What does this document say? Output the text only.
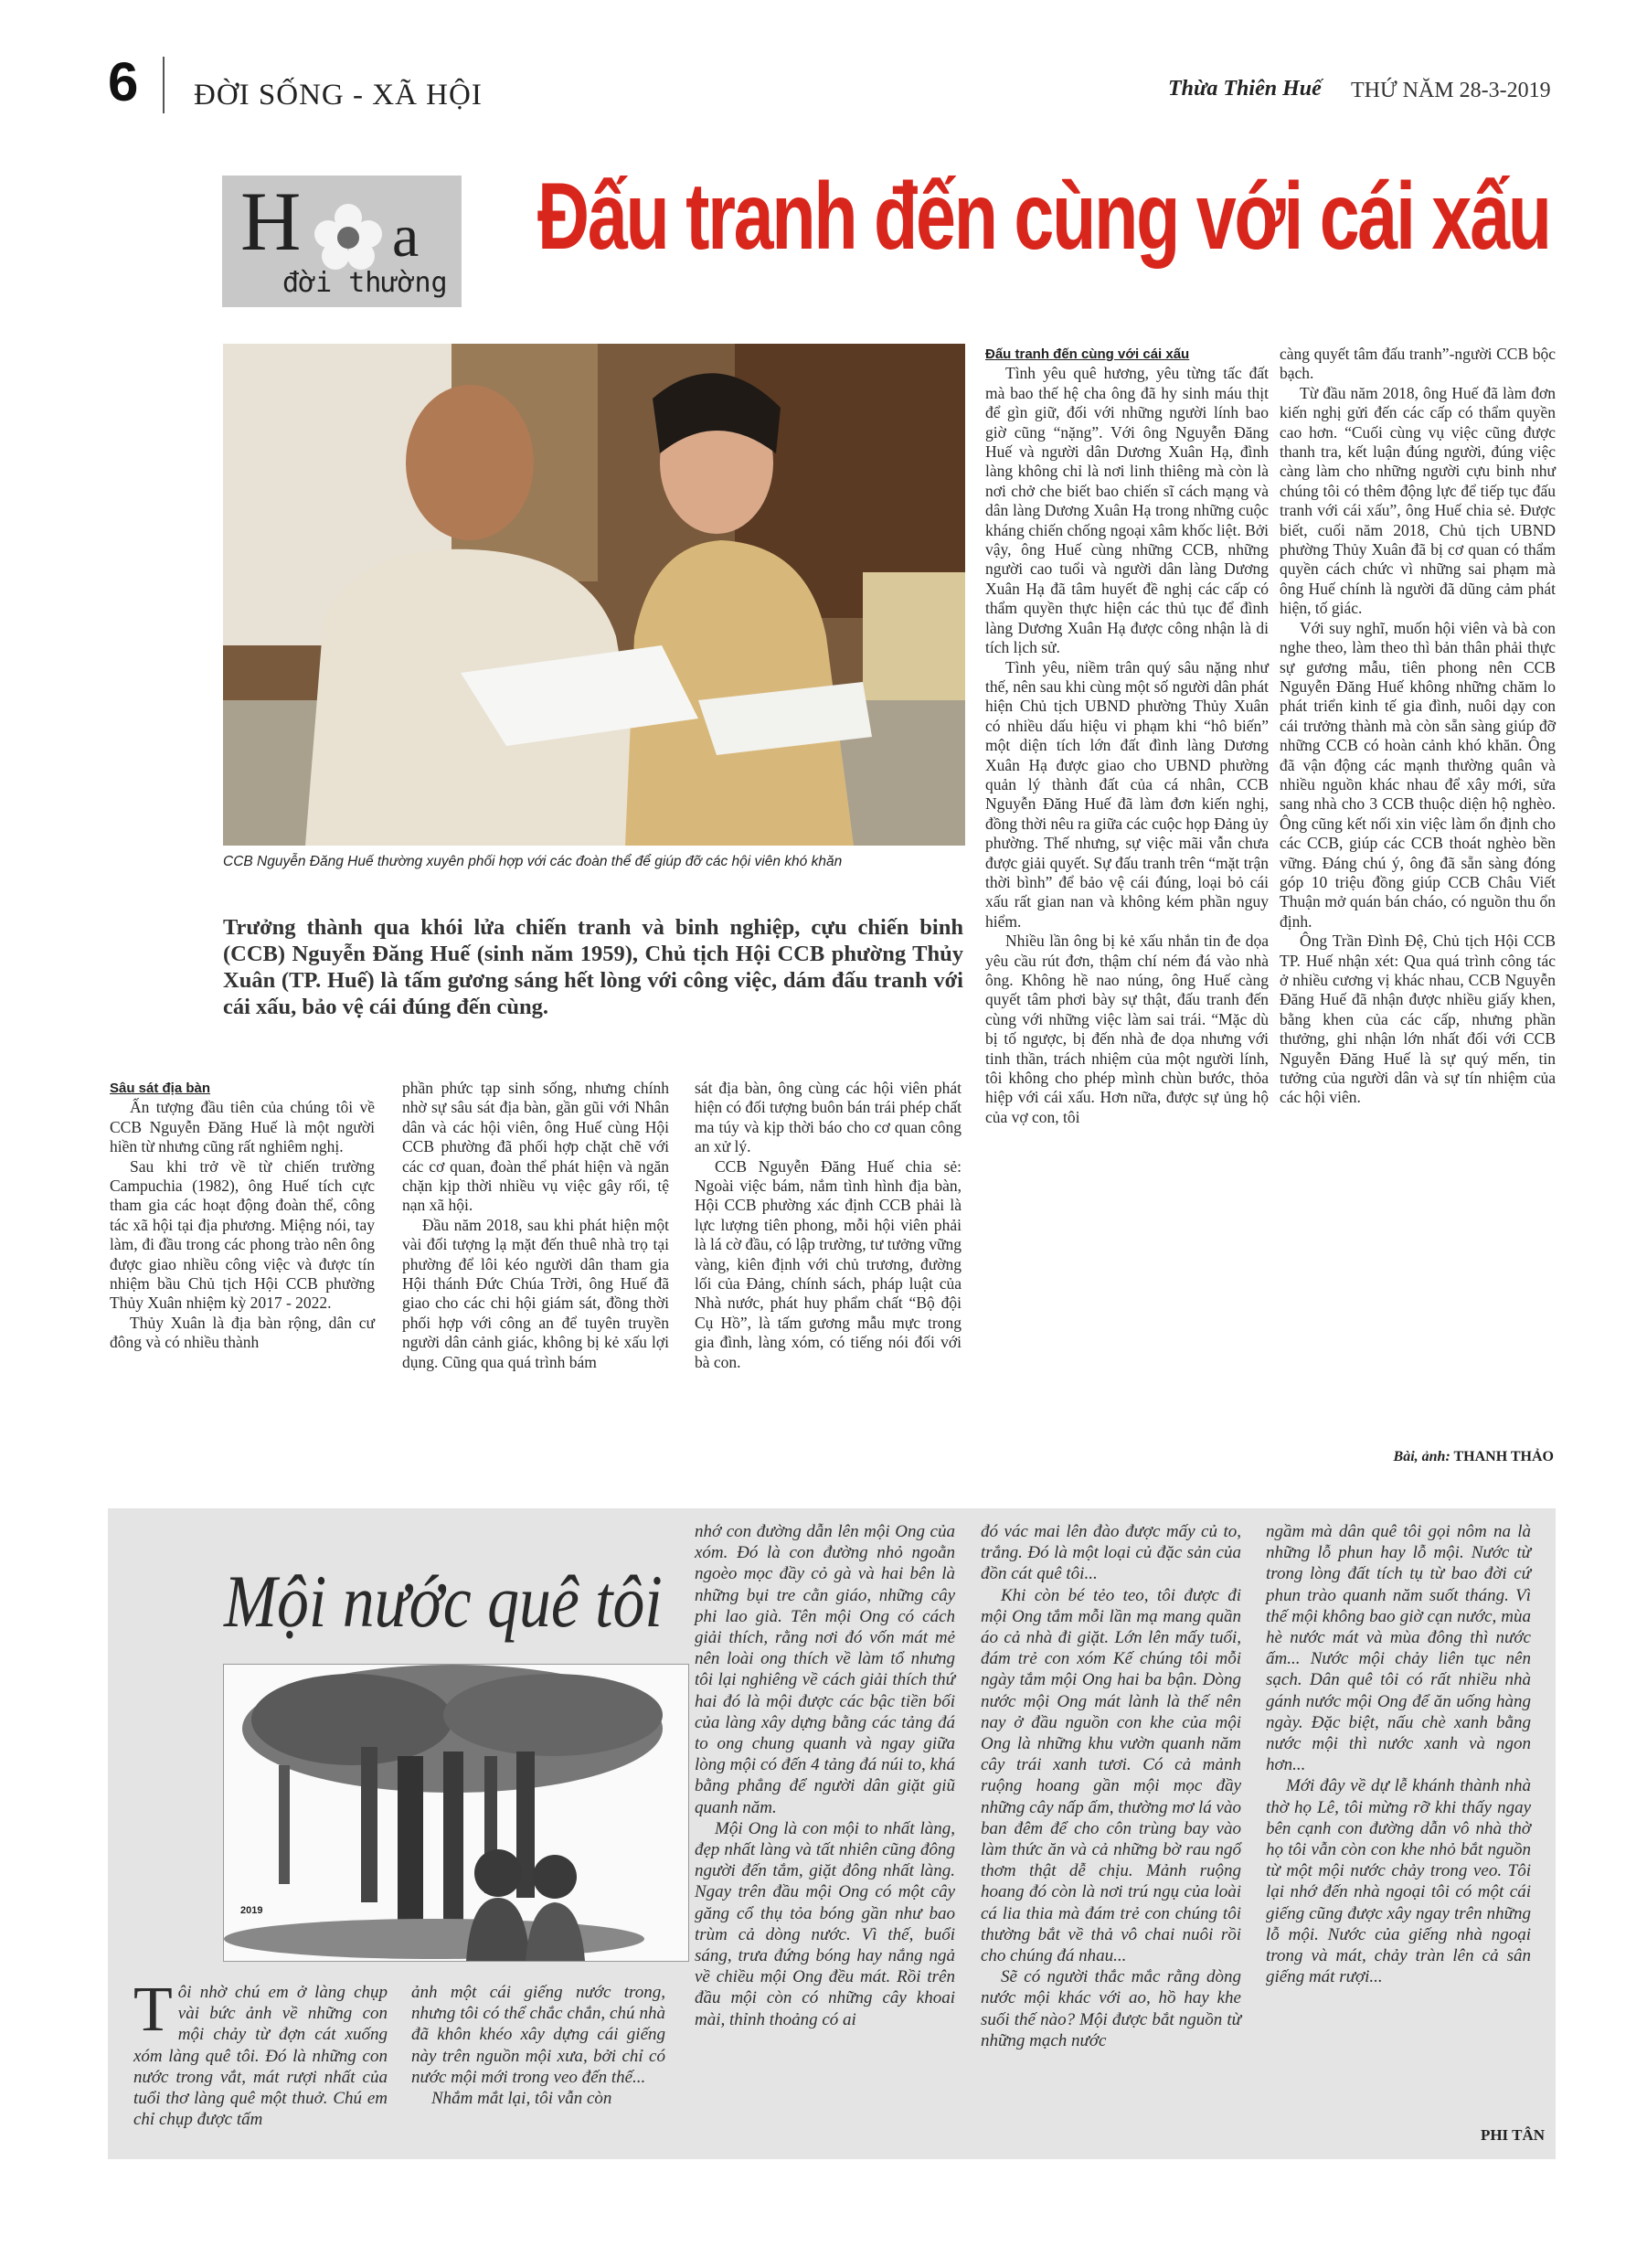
6 ĐỜI SỐNG - XÃ HỘI	Thừa Thiên Huế THỨ NĂM 28-3-2019
H a
đời thường
Đấu tranh đến cùng với cái xấu
CCB Nguyễn Đăng Huế thường xuyên phối hợp với các đoàn thể để giúp đỡ các hội viên khó khăn
Trưởng thành qua khói lửa chiến tranh và binh nghiệp, cựu chiến binh (CCB) Nguyễn Đăng Huế (sinh năm 1959), Chủ tịch Hội CCB phường Thủy Xuân (TP. Huế) là tấm gương sáng hết lòng với công việc, dám đấu tranh với cái xấu, bảo vệ cái đúng đến cùng.
Sâu sát địa bàn

Ấn tượng đầu tiên của chúng tôi về CCB Nguyễn Đăng Huế là một người hiền từ nhưng cũng rất nghiêm nghị.

Sau khi trở về từ chiến trường Campuchia (1982), ông Huế tích cực tham gia các hoạt động đoàn thể, công tác xã hội tại địa phương. Miệng nói, tay làm, đi đầu trong các phong trào nên ông được giao nhiều công việc và được tín nhiệm bầu Chủ tịch Hội CCB phường Thủy Xuân nhiệm kỳ 2017 - 2022.

Thủy Xuân là địa bàn rộng, dân cư đông và có nhiều thành

phần phức tạp sinh sống, nhưng chính nhờ sự sâu sát địa bàn, gần gũi với Nhân dân và các hội viên, ông Huế cùng Hội CCB phường đã phối hợp chặt chẽ với các cơ quan, đoàn thể phát hiện và ngăn chặn kịp thời nhiều vụ việc gây rối, tệ nạn xã hội.

Đầu năm 2018, sau khi phát hiện một vài đối tượng lạ mặt đến thuê nhà trọ tại phường để lôi kéo người dân tham gia Hội thánh Đức Chúa Trời, ông Huế đã giao cho các chi hội giám sát, đồng thời phối hợp với công an để tuyên truyền người dân cảnh giác, không bị kẻ xấu lợi dụng. Cũng qua quá trình bám

sát địa bàn, ông cùng các hội viên phát hiện có đối tượng buôn bán trái phép chất ma túy và kịp thời báo cho cơ quan công an xử lý.

CCB Nguyễn Đăng Huế chia sẻ: Ngoài việc bám, nắm tình hình địa bàn, Hội CCB phường xác định CCB phải là lực lượng tiên phong, mỗi hội viên phải là lá cờ đầu, có lập trường, tư tưởng vững vàng, kiên định với chủ trương, đường lối của Đảng, chính sách, pháp luật của Nhà nước, phát huy phẩm chất “Bộ đội Cụ Hồ”, là tấm gương mẫu mực trong gia đình, làng xóm, có tiếng nói đối với bà con.

Đấu tranh đến cùng với cái xấu

Tình yêu quê hương, yêu từng tấc đất mà bao thế hệ cha ông đã hy sinh máu thịt để gìn giữ, đối với những người lính bao giờ cũng “nặng”. Với ông Nguyễn Đăng Huế và người dân Dương Xuân Hạ, đình làng không chỉ là nơi linh thiêng mà còn là nơi chở che biết bao chiến sĩ cách mạng và dân làng Dương Xuân Hạ trong những cuộc kháng chiến chống ngoại xâm khốc liệt. Bởi vậy, ông Huế cùng những CCB, những người cao tuổi và người dân làng Dương Xuân Hạ đã tâm huyết đề nghị các cấp có thẩm quyền thực hiện các thủ tục để đình làng Dương Xuân Hạ được công nhận là di tích lịch sử.

Tình yêu, niềm trân quý sâu nặng như thế, nên sau khi cùng một số người dân phát hiện Chủ tịch UBND phường Thủy Xuân có nhiều dấu hiệu vi phạm khi “hô biến” một diện tích lớn đất đình làng Dương Xuân Hạ được giao cho UBND phường quản lý thành đất của cá nhân, CCB Nguyễn Đăng Huế đã làm đơn kiến nghị, đồng thời nêu ra giữa các cuộc họp Đảng ủy phường. Thế nhưng, sự việc mãi vẫn chưa được giải quyết. Sự đấu tranh trên “mặt trận thời bình” để bảo vệ cái đúng, loại bỏ cái xấu rất gian nan và không kém phần nguy hiểm.

Nhiều lần ông bị kẻ xấu nhắn tin đe dọa yêu cầu rút đơn, thậm chí ném đá vào nhà ông. Không hề nao núng, ông Huế càng quyết tâm phơi bày sự thật, đấu tranh đến cùng với những việc làm sai trái. “Mặc dù bị tố ngược, bị đến nhà đe dọa nhưng với tinh thần, trách nhiệm của một người lính, tôi không cho phép mình chùn bước, thỏa hiệp với cái xấu. Hơn nữa, được sự ủng hộ của vợ con, tôi

càng quyết tâm đấu tranh”-người CCB bộc bạch.

Từ đầu năm 2018, ông Huế đã làm đơn kiến nghị gửi đến các cấp có thẩm quyền cao hơn. “Cuối cùng vụ việc cũng được thanh tra, kết luận đúng người, đúng việc càng làm cho những người cựu binh như chúng tôi có thêm động lực để tiếp tục đấu tranh với cái xấu”, ông Huế chia sẻ. Được biết, cuối năm 2018, Chủ tịch UBND phường Thủy Xuân đã bị cơ quan có thẩm quyền cách chức vì những sai phạm mà ông Huế chính là người đã dũng cảm phát hiện, tố giác.

Với suy nghĩ, muốn hội viên và bà con nghe theo, làm theo thì bản thân phải thực sự gương mẫu, tiên phong nên CCB Nguyễn Đăng Huế không những chăm lo phát triển kinh tế gia đình, nuôi dạy con cái trưởng thành mà còn sẵn sàng giúp đỡ những CCB có hoàn cảnh khó khăn. Ông đã vận động các mạnh thường quân và nhiều nguồn khác nhau để xây mới, sửa sang nhà cho 3 CCB thuộc diện hộ nghèo. Ông cũng kết nối xin việc làm ổn định cho các CCB, giúp các CCB thoát nghèo bền vững. Đáng chú ý, ông đã sẵn sàng đóng góp 10 triệu đồng giúp CCB Châu Viết Thuận mở quán bán cháo, có nguồn thu ổn định.

Ông Trần Đình Đệ, Chủ tịch Hội CCB TP. Huế nhận xét: Qua quá trình công tác ở nhiều cương vị khác nhau, CCB Nguyễn Đăng Huế đã nhận được nhiều giấy khen, bằng khen của các cấp, nhưng phần thưởng, ghi nhận lớn nhất đối với CCB Nguyễn Đăng Huế là sự quý mến, tin tưởng của người dân và sự tín nhiệm của các hội viên.

Bài, ảnh: THANH THẢO
Mội nước quê tôi
2019

Tôi nhờ chú em ở làng chụp vài bức ảnh về những con mội chảy từ đợn cát xuống xóm làng quê tôi. Đó là những con nước trong vắt, mát rượi nhất của tuổi thơ làng quê một thuở. Chú em chỉ chụp được tấm

ảnh một cái giếng nước trong, nhưng tôi có thể chắc chắn, chú nhà đã khôn khéo xây dựng cái giếng này trên nguồn mội xưa, bởi chỉ có nước mội mới trong veo đến thế...

Nhắm mắt lại, tôi vẫn còn

nhớ con đường dẫn lên mội Ong của xóm. Đó là con đường nhỏ ngoằn ngoèo mọc đầy cỏ gà và hai bên là những bụi tre cằn giáo, những cây phi lao già. Tên mội Ong có cách giải thích, rằng nơi đó vốn mát mẻ nên loài ong thích về làm tổ nhưng tôi lại nghiêng về cách giải thích thứ hai đó là mội được các bậc tiền bối của làng xây dựng bằng các tảng đá to ong chung quanh và ngay giữa lòng mội có đến 4 tảng đá núi to, khá bằng phẳng để người dân giặt giũ quanh năm.

Mội Ong là con mội to nhất làng, đẹp nhất làng và tất nhiên cũng đông người đến tắm, giặt đông nhất làng. Ngay trên đầu mội Ong có một cây găng cổ thụ tỏa bóng gần như bao trùm cả dòng nước. Vì thế, buổi sáng, trưa đứng bóng hay nắng ngả về chiều mội Ong đều mát. Rồi trên đầu mội còn có những cây khoai mài, thỉnh thoảng có ai

đó vác mai lên đào được mấy củ to, trắng. Đó là một loại củ đặc sản của đồn cát quê tôi...

Khi còn bé tẻo teo, tôi được đi mội Ong tắm mỗi lần mạ mang quần áo cả nhà đi giặt. Lớn lên mấy tuổi, đám trẻ con xóm Kế chúng tôi mỗi ngày tắm mội Ong hai ba bận. Dòng nước mội Ong mát lành là thế nên nay ở đầu nguồn con khe của mội Ong là những khu vườn quanh năm cây trái xanh tươi. Có cả mảnh ruộng hoang gần mội mọc đầy những cây nấp ấm, thường mơ lá vào ban đêm để cho côn trùng bay vào làm thức ăn và cả những bờ rau ngổ thơm thật dễ chịu. Mảnh ruộng hoang đó còn là nơi trú ngụ của loài cá lia thia mà đám trẻ con chúng tôi thường bắt về thả vô chai nuôi rồi cho chúng đá nhau...

Sẽ có người thắc mắc rằng dòng nước mội khác với ao, hồ hay khe suối thế nào? Mội được bắt nguồn từ những mạch nước

ngầm mà dân quê tôi gọi nôm na là những lỗ phun hay lỗ mội. Nước từ trong lòng đất tích tụ từ bao đời cứ phun trào quanh năm suốt tháng. Vì thế mội không bao giờ cạn nước, mùa hè nước mát và mùa đông thì nước ấm... Nước mội chảy liên tục nên sạch. Dân quê tôi có rất nhiều nhà gánh nước mội Ong để ăn uống hàng ngày. Đặc biệt, nấu chè xanh bằng nước mội thì nước xanh và ngon hơn...

Mới đây về dự lễ khánh thành nhà thờ họ Lê, tôi mừng rỡ khi thấy ngay bên cạnh con đường dẫn vô nhà thờ họ tôi vẫn còn con khe nhỏ bắt nguồn từ một mội nước chảy trong veo. Tôi lại nhớ đến nhà ngoại tôi có một cái giếng cũng được xây ngay trên những lỗ mội. Nước của giếng nhà ngoại trong và mát, chảy tràn lên cả sân giếng mát rượi...

PHI TÂN
